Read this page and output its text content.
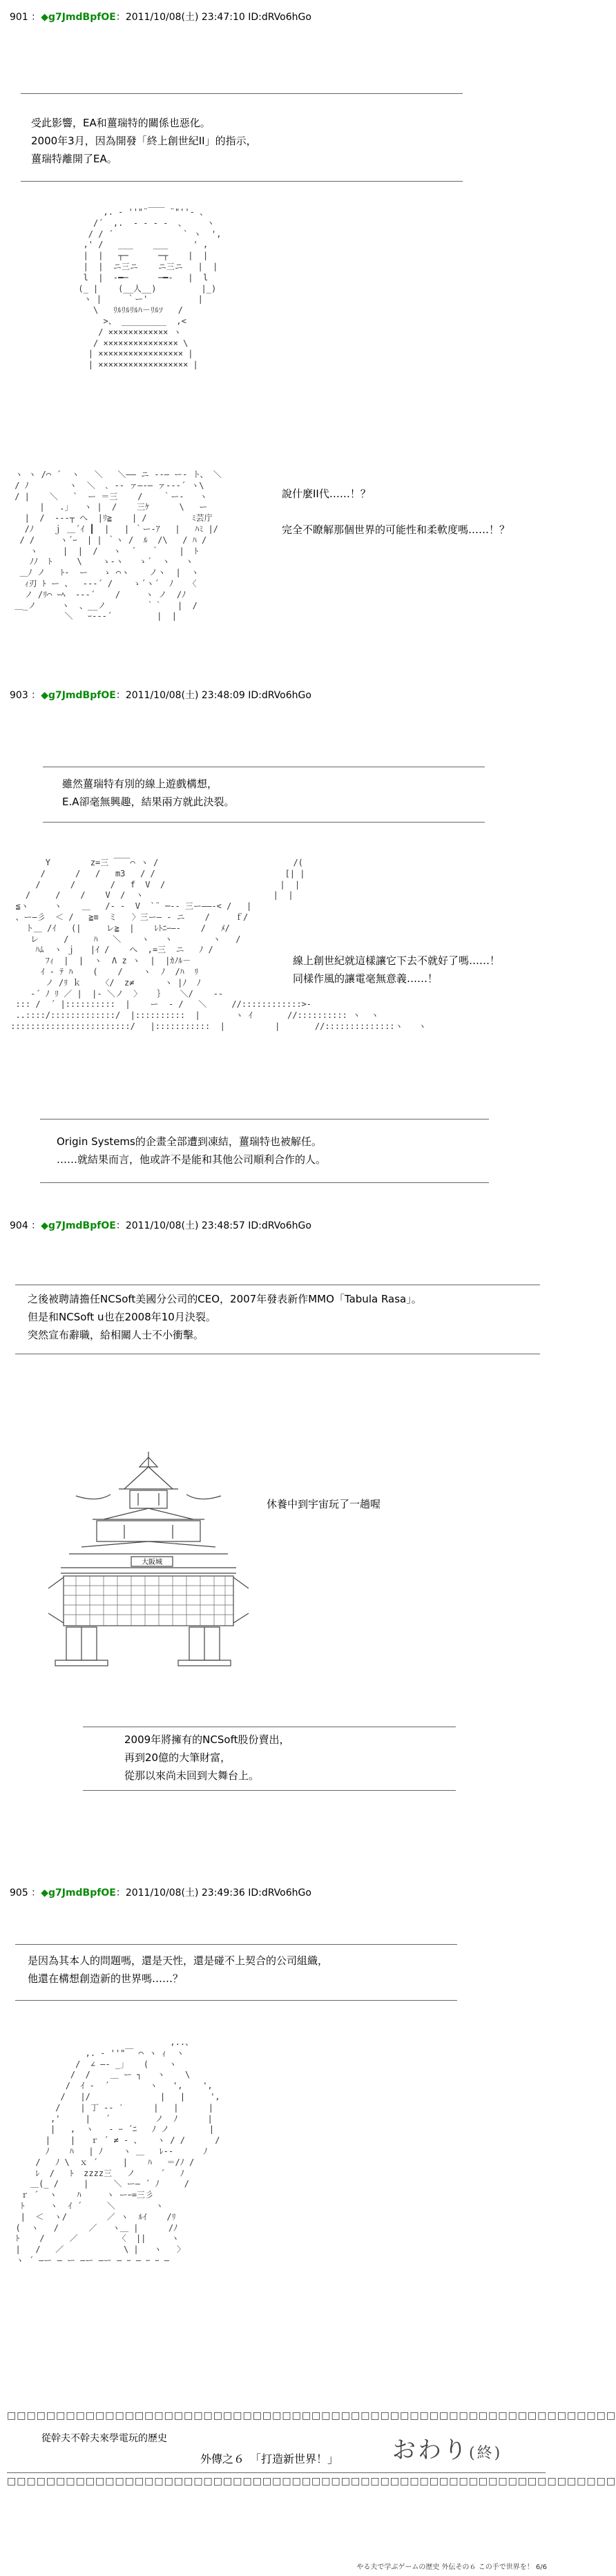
901 ：◆g7JmdBpfOE：2011/10/08(土) 23:47:10 ID:dRVo6hGo
受此影響，EA和薑瑞特的關係也惡化。
2000年3月，因為開發「終上創世紀II」的指示，
薑瑞特離開了EA。
,. ‐ ''"¨￣￣ ¨"''‐ 、
/´  ,.  - ‐ ‐ -  、    ヽ
/ / ´              ` ヽ  ',
,' /   ___    ___     ' ,
|  |   ┬─      ─┬    |  |
|  |  ニ三ニ    ニ三ニ   |  |
l  |  ‐━─      ─━‐   |  l
(_ |    (__人__)         |_)
ヽ |     ｀ー'          |
\   ﾘﾙﾘﾙﾘﾙﾊ－ﾘﾙｿ   /
>、 _________  ,<
/ ×××××××××××× ヽ
/ ××××××××××××××× \
| ××××××××××××××××× |
| ×××××××××××××××××× |
ヽ ヽ /⌒ ´  ヽ   ＼   ＼―― ニ ‐‐― ー‐ ト、 ＼
/ ﾉ        ヽ  ＼  ､ ‐‐ ァ―‐― ァ‐-‐´ ヽ\
/ |    ＼   `  ー ＝三    /    ｀ー‐   ヽ
|   .｣   ヽ |  /    三ｹ      \   ー
|  /  ‐‐‐┬ へ  |ﾘ≧    | /         ﾐ芸庁
/ﾉ    ｊ ＿´ｲ ┃  |   | ｀ー‐ｱ   |   ﾊﾐ |/
/ /     ヽ´ｰ  | | ｀ヽ /  ﾙ  /\   / ﾊ /
ヽ     |  |  /   ヽ  ´   ｀    |  ﾄ
ﾉﾉ  ﾄ     \    ゝ‐ヽ   ゝ´  ヽ   ヽ
＿ﾉ ノ   ﾄ‐  ー   ゝ ⌒ヽ    ノヽ  |  ヽ
ｨ刃 ﾄ ー 、  ‐‐‐´ /    ゝ´ヽ´  ﾉ   〈
ノ /ﾘ⌒ ｰﾍ  ‐‐‐´    /     ヽ ノ  /ﾉ
＿_ノ     ヽ  、__ノ        ｀｀   |  /
＼   ｰ‐‐‐´         |  |
說什麼II代……！？

完全不瞭解那個世界的可能性和柔軟度嗎……！？
903 ：◆g7JmdBpfOE：2011/10/08(土) 23:48:09 ID:dRVo6hGo
雖然薑瑞特有別的線上遊戲構想，
E.A卻毫無興趣，結果兩方就此決裂。
Y        z=三 ￣￣⌒ ヽ /                           /(
/      /   /   m3   / /                          [| |
/      /       /   f  V  /                       |  |
/     /    /    V  /  ヽ                          |  |
≦ヽ     ヽ    ＿   /‐ ‐  V  `¨ ─‐‐ 三ー――‐< /   |
、ー―彡  ＜ /   ≧≡  ミ   〉三ー― ‐ ニ    /     ｆ/
ト＿ /ｲ   (|     レ≧  |    ﾚﾄﾆｰ―‐    /   ﾒ/
レ     /     ﾊ   ＼    ヽ   ヽ        ヽ   /
ﾊﾑ  ヽ ｊ   |ｲ /    へ  ,=三  ニ   ﾉ /
ﾌｨ  |  |  ヽ  Λ z ヽ  |  |ｶﾉﾙ－
ｲ ‐ ﾃ ﾊ    (    /    ヽ  ﾉ  /ﾊ  ﾘ
ノ /ﾘ ｋ    〈/  z≠      ヽ |ﾉ  ﾉ
‐´ ﾉ ﾘ ／ |  |‐ ＼ノ  〉   ｝   ＼/    -‐
::: /  ´ |::::::::::  |    ー  ‐ /   ＼     //::::::::::::>‐
..::::/:::::::::::::/  |::::::::::  |       ヽ ｲ       //:::::::::: ヽ  ヽ
::::::::::::::::::::::::/   |:::::::::::  |          |       //::::::::::::::ヽ   ヽ
線上創世紀就這樣讓它下去不就好了嗎……！
同樣作風的讓電毫無意義……！
Origin Systems的企畫全部遭到凍結，薑瑞特也被解任。
……就結果而言，他或許不是能和其他公司順利合作的人。
904 ：◆g7JmdBpfOE：2011/10/08(土) 23:48:57 ID:dRVo6hGo
之後被聘請擔任NCSoft美國分公司的CEO，2007年發表新作MMO「Tabula Rasa」。
但是和NCSoft u也在2008年10月決裂。
突然宣布辭職，給相關人士不小衝擊。
大阪城
休養中到宇宙玩了一趟喔
2009年將擁有的NCSoft股份賣出，
再到20億的大筆財富，
從那以來尚未回到大舞台上。
905 ：◆g7JmdBpfOE：2011/10/08(土) 23:49:36 ID:dRVo6hGo
是因為其本人的問題嗎，還是天性，還是碰不上契合的公司組織，
他還在構想創造新的世界嗎……？
,..、
,. ‐ ''"￣ ⌒ ヽ ｨ  ヽ
/  ∠ ―‐ _」   (    ヽ
/  /    ＿ ー ┐   ヽ    \
/  ｲ ‐  ´        ヽ   ',    ',
/   |/              |   |     ',
/    | 丁 ‐‐ ′      |   |      |
,'     |   ´         ノ  ﾉ      |
|   ,  ヽ   ‐ ｰ ´ﾆ   ﾉ ノ        |
|    |   ｒ ´ ≠ ‐ 、   ヽ / /      /
ﾉ    ﾊ   | ﾉ    ヽ ＿   ﾚ‐‐      ﾉ
/   ﾉ \  ｘ ´     |    ﾊ   ＝/ﾉ /
ﾚ  /   ﾄ  zzzz三   ノ     ´   ﾉ
＿(_ /     |     ＼ ー― ´ ﾉ     /
ｒ ´  ヽ    ﾊ     ヽ ーｰ=三彡
ﾄ     ヽ  ｲ ´     ＼        ヽ
|  ＜  ヽ/        ／ ヽ  ﾙｲ    /ﾘ
(  ヽ   /      ／   ヽ＿ |      /ﾉ
ﾄ    /     ／        〈  ||     ヽ
|   /   ／            \ |   ヽ   〉
ヽ ´ ―ー ― ー ―ー ―ー ― ｰ ― ｰ ｰ ―
□□□□□□□□□□□□□□□□□□□□□□□□□□□□□□□□□□□□□□□□□□□□□□□□□□□□□□□□□□□□□□
從幹夫不幹夫來學電玩的歷史
外傳之６　「打造新世界！」 おわり(終)
□□□□□□□□□□□□□□□□□□□□□□□□□□□□□□□□□□□□□□□□□□□□□□□□□□□□□□□□□□□□□□
やる夫で学ぶゲームの歴史 外伝その６ この手で世界を！ 6/6
